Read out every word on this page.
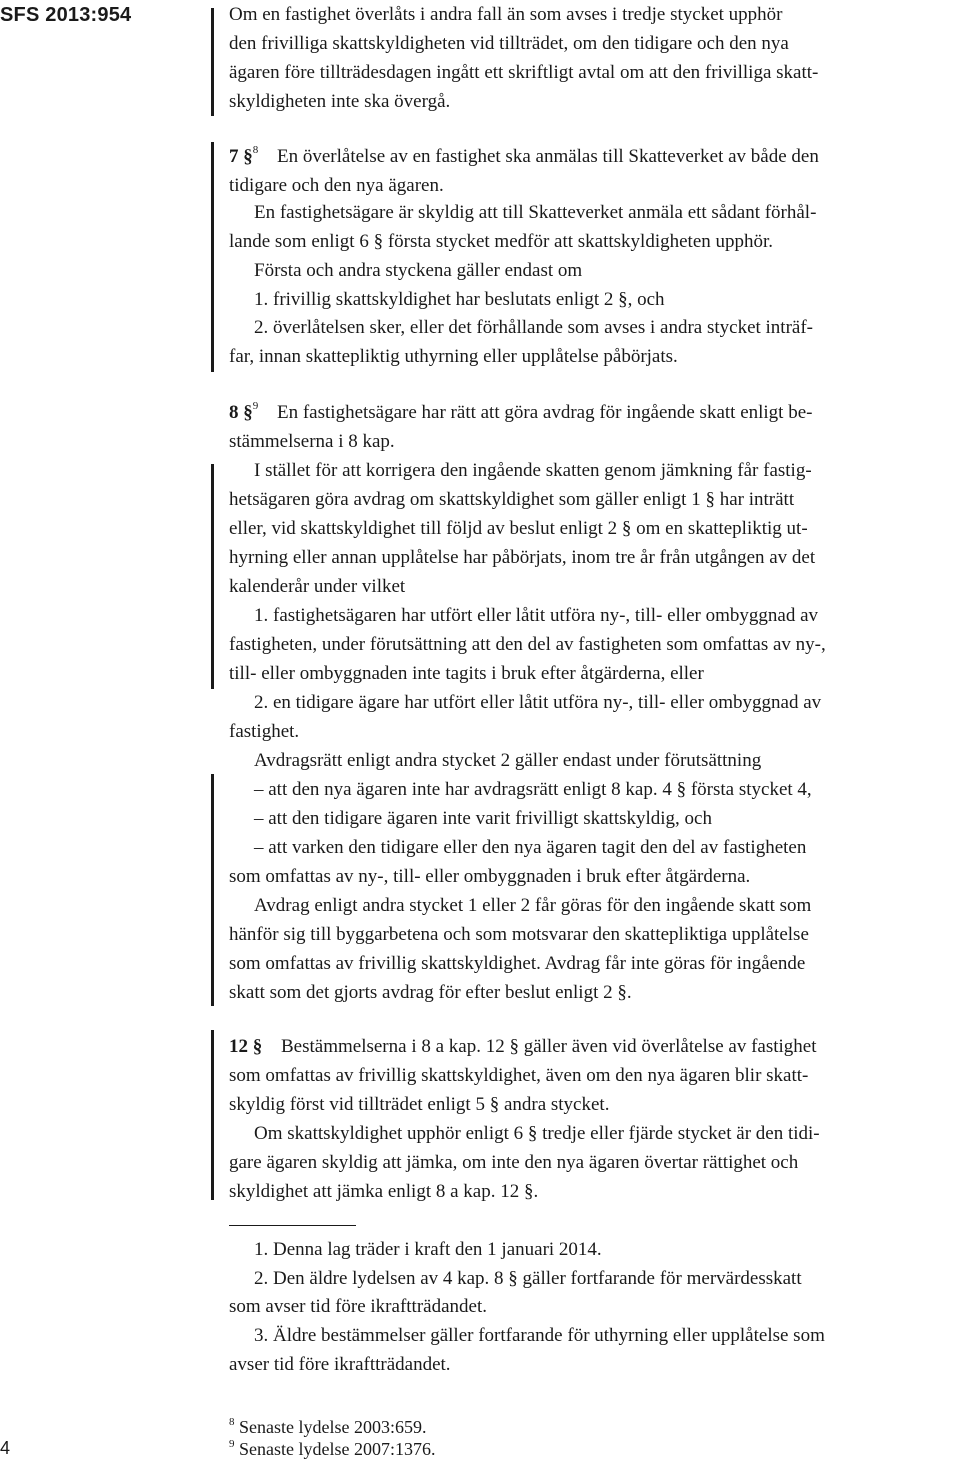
SFS 2013:954
4
Om en fastighet överlåts i andra fall än som avses i tredje stycket upphör
den frivilliga skattskyldigheten vid tillträdet, om den tidigare och den nya
ägaren före tillträdesdagen ingått ett skriftligt avtal om att den frivilliga skatt-
skyldigheten inte ska övergå.
7 §$^8$ En överlåtelse av en fastighet ska anmälas till Skatteverket av både den
tidigare och den nya ägaren.
En fastighetsägare är skyldig att till Skatteverket anmäla ett sådant förhål-
lande som enligt 6 § första stycket medför att skattskyldigheten upphör.
Första och andra styckena gäller endast om
1. frivillig skattskyldighet har beslutats enligt 2 §, och
2. överlåtelsen sker, eller det förhållande som avses i andra stycket inträf-
far, innan skattepliktig uthyrning eller upplåtelse påbörjats.
8 §$^9$ En fastighetsägare har rätt att göra avdrag för ingående skatt enligt be-
stämmelserna i 8 kap.
I stället för att korrigera den ingående skatten genom jämkning får fastig-
hetsägaren göra avdrag om skattskyldighet som gäller enligt 1 § har inträtt
eller, vid skattskyldighet till följd av beslut enligt 2 § om en skattepliktig ut-
hyrning eller annan upplåtelse har påbörjats, inom tre år från utgången av det
kalenderår under vilket
1. fastighetsägaren har utfört eller låtit utföra ny-, till- eller ombyggnad av
fastigheten, under förutsättning att den del av fastigheten som omfattas av ny-,
till- eller ombyggnaden inte tagits i bruk efter åtgärderna, eller
2. en tidigare ägare har utfört eller låtit utföra ny-, till- eller ombyggnad av
fastighet.
Avdragsrätt enligt andra stycket 2 gäller endast under förutsättning
– att den nya ägaren inte har avdragsrätt enligt 8 kap. 4 § första stycket 4,
– att den tidigare ägaren inte varit frivilligt skattskyldig, och
– att varken den tidigare eller den nya ägaren tagit den del av fastigheten
som omfattas av ny-, till- eller ombyggnaden i bruk efter åtgärderna.
Avdrag enligt andra stycket 1 eller 2 får göras för den ingående skatt som
hänför sig till byggarbetena och som motsvarar den skattepliktiga upplåtelse
som omfattas av frivillig skattskyldighet. Avdrag får inte göras för ingående
skatt som det gjorts avdrag för efter beslut enligt 2 §.
12 § Bestämmelserna i 8 a kap. 12 § gäller även vid överlåtelse av fastighet
som omfattas av frivillig skattskyldighet, även om den nya ägaren blir skatt-
skyldig först vid tillträdet enligt 5 § andra stycket.
Om skattskyldighet upphör enligt 6 § tredje eller fjärde stycket är den tidi-
gare ägaren skyldig att jämka, om inte den nya ägaren övertar rättighet och
skyldighet att jämka enligt 8 a kap. 12 §.
1. Denna lag träder i kraft den 1 januari 2014.
2. Den äldre lydelsen av 4 kap. 8 § gäller fortfarande för mervärdesskatt
som avser tid före ikraftträdandet.
3. Äldre bestämmelser gäller fortfarande för uthyrning eller upplåtelse som
avser tid före ikraftträdandet.
$^8$ Senaste lydelse 2003:659.
$^9$ Senaste lydelse 2007:1376.
